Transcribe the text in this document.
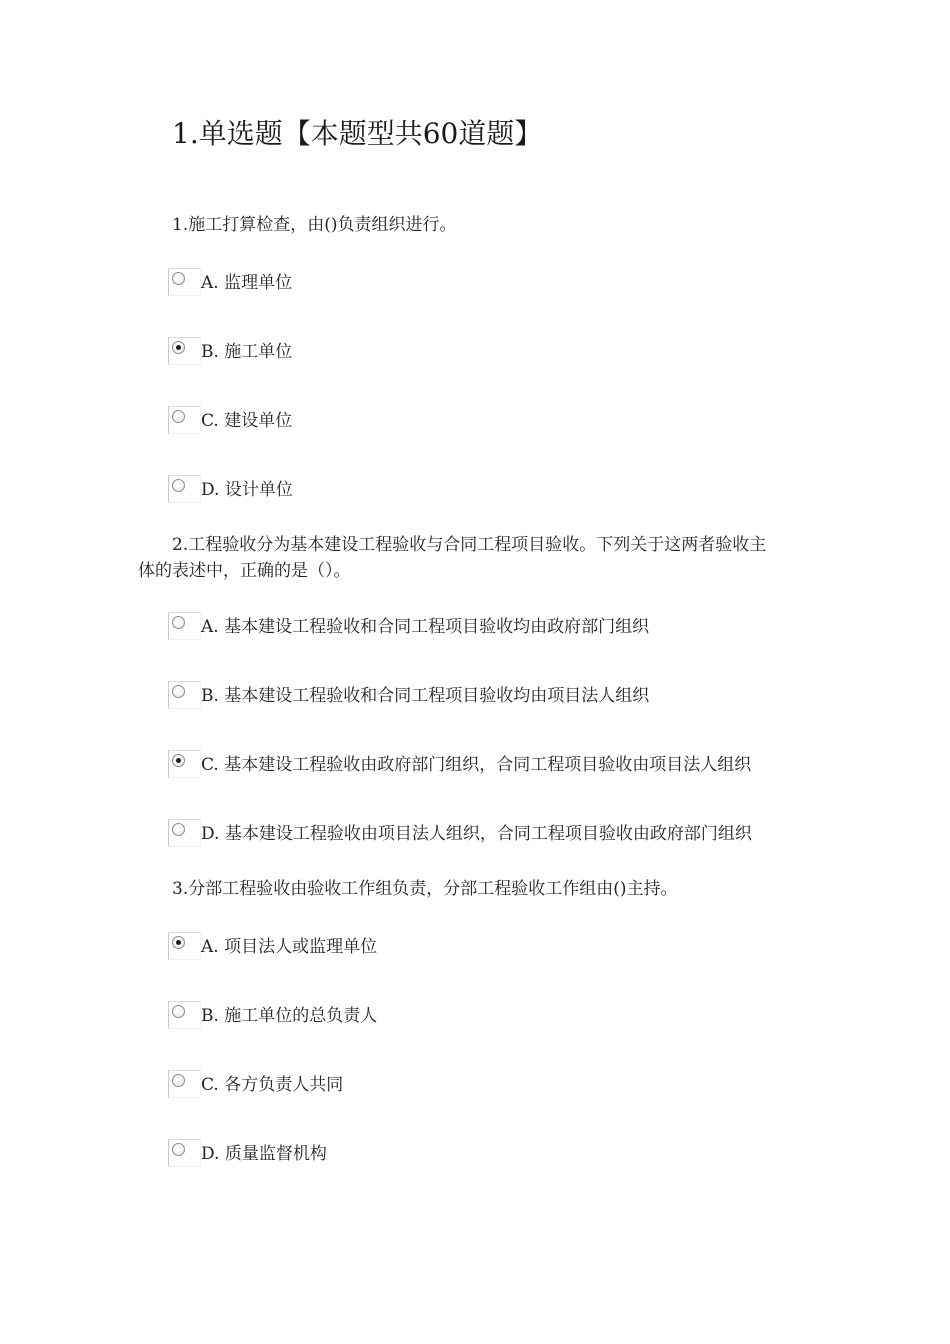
1.单选题【本题型共60道题】
1.施工打算检查，由()负责组织进行。
A. 监理单位
B. 施工单位
C. 建设单位
D. 设计单位
2.工程验收分为基本建设工程验收与合同工程项目验收。下列关于这两者验收主
体的表述中，正确的是（）。
A. 基本建设工程验收和合同工程项目验收均由政府部门组织
B. 基本建设工程验收和合同工程项目验收均由项目法人组织
C. 基本建设工程验收由政府部门组织，合同工程项目验收由项目法人组织
D. 基本建设工程验收由项目法人组织，合同工程项目验收由政府部门组织
3.分部工程验收由验收工作组负责，分部工程验收工作组由()主持。
A. 项目法人或监理单位
B. 施工单位的总负责人
C. 各方负责人共同
D. 质量监督机构
